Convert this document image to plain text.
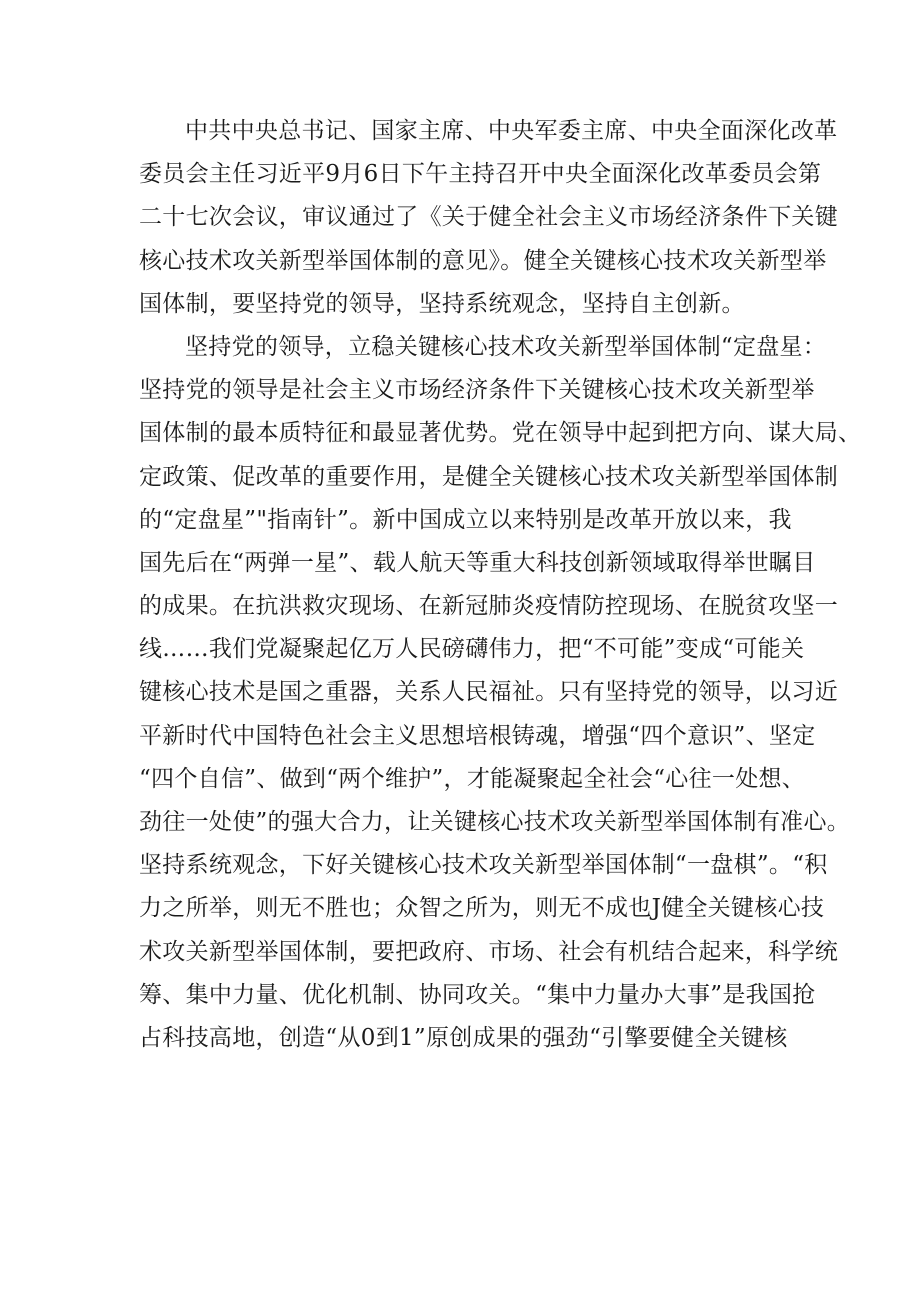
中共中央总书记、国家主席、中央军委主席、中央全面深化改革
委员会主任习近平9月6日下午主持召开中央全面深化改革委员会第
二十七次会议，审议通过了《关于健全社会主义市场经济条件下关键
核心技术攻关新型举国体制的意见》。健全关键核心技术攻关新型举
国体制，要坚持党的领导，坚持系统观念，坚持自主创新。
坚持党的领导，立稳关键核心技术攻关新型举国体制“定盘星：
坚持党的领导是社会主义市场经济条件下关键核心技术攻关新型举
国体制的最本质特征和最显著优势。党在领导中起到把方向、谋大局、
定政策、促改革的重要作用，是健全关键核心技术攻关新型举国体制
的“定盘星”"指南针”。新中国成立以来特别是改革开放以来，我
国先后在“两弹一星”、载人航天等重大科技创新领域取得举世瞩目
的成果。在抗洪救灾现场、在新冠肺炎疫情防控现场、在脱贫攻坚一
线……我们党凝聚起亿万人民磅礴伟力，把“不可能”变成“可能关
键核心技术是国之重器，关系人民福祉。只有坚持党的领导，以习近
平新时代中国特色社会主义思想培根铸魂，增强“四个意识”、坚定
“四个自信”、做到“两个维护”，才能凝聚起全社会“心往一处想、
劲往一处使”的强大合力，让关键核心技术攻关新型举国体制有准心。
坚持系统观念，下好关键核心技术攻关新型举国体制“一盘棋”。“积
力之所举，则无不胜也；众智之所为，则无不成也J健全关键核心技
术攻关新型举国体制，要把政府、市场、社会有机结合起来，科学统
筹、集中力量、优化机制、协同攻关。“集中力量办大事”是我国抢
占科技高地，创造“从0到1”原创成果的强劲“引擎要健全关键核
